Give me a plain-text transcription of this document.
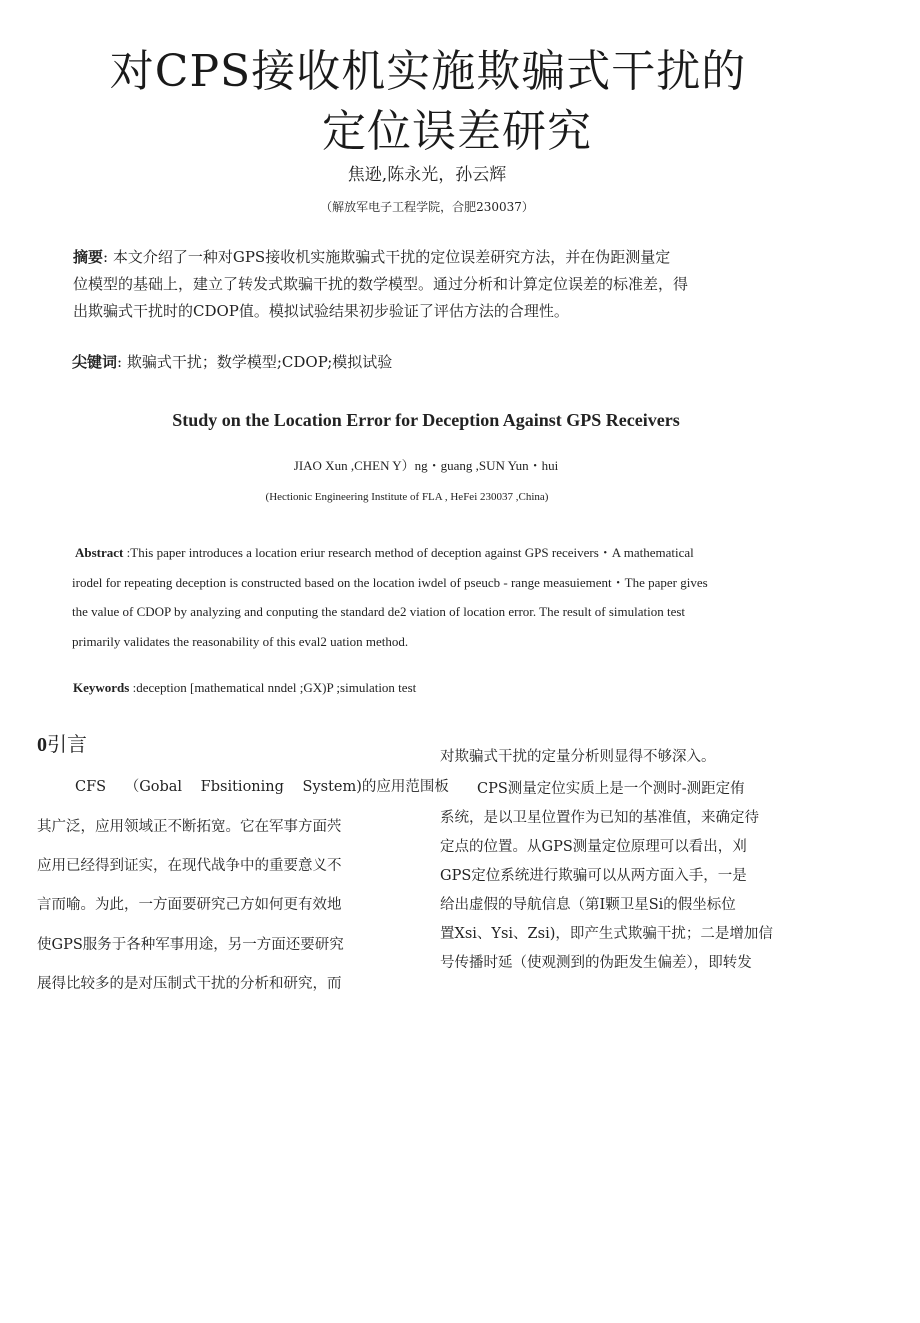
对CPS接收机实施欺骗式干扰的
定位误差研究
焦逊,陈永光，孙云辉
（解放军电子工程学院，合肥230037）
摘要: 本文介绍了一种对GPS接收机实施欺骗式干扰的定位误差研究方法，并在伪距测量定
位模型的基础上，建立了转发式欺骗干扰的数学模型。通过分析和计算定位误差的标准差，得
出欺骗式干扰时的CDOP值。模拟试验结果初步验证了评估方法的合理性。
尖键词: 欺骗式干扰；数学模型;CDOP;模拟试验
Study on the Location Error for Deception Against GPS Receivers
JIAO Xun ,CHEN Y）ng・guang ,SUN Yun・hui
(Hectionic Engineering Institute of FLA , HeFei 230037 ,China)
Abstract :This paper introduces a location eriur research method of deception against GPS receivers・A mathematical
irodel for repeating deception is constructed based on the location iwdel of pseucb - range measuiement・The paper gives
the value of CDOP by analyzing and conputing the standard de2 viation of location error. The result of simulation test
primarily validates the reasonability of this eval2 uation method.
Keywords :deception [mathematical nndel ;GX)P ;simulation test
0引言
CFS （Gobal Fbsitioning System)的应用范围板
其广泛，应用领域正不断拓宽。它在军事方面茓
应用已经得到证实，在现代战争中的重要意义不
言而喻。为此，一方面要研究己方如何更有效地
使GPS服务于各种军事用途，另一方面还要研究
展得比较多的是对压制式干扰的分析和研究，而
对欺骗式干扰的定量分析则显得不够深入。
CPS测量定位实质上是一个测时-测距定侑
系统，是以卫星位置作为已知的基准值，来确定待
定点的位置。从GPS测量定位原理可以看出，刈
GPS定位系统进行欺骗可以从两方面入手，一是
给出虚假的导航信息（第I颗卫星Si的假坐标位
置Xsi、Ysi、Zsi)，即产生式欺骗干扰；二是增加信
号传播时延（使观测到的伪距发生偏差），即转发
